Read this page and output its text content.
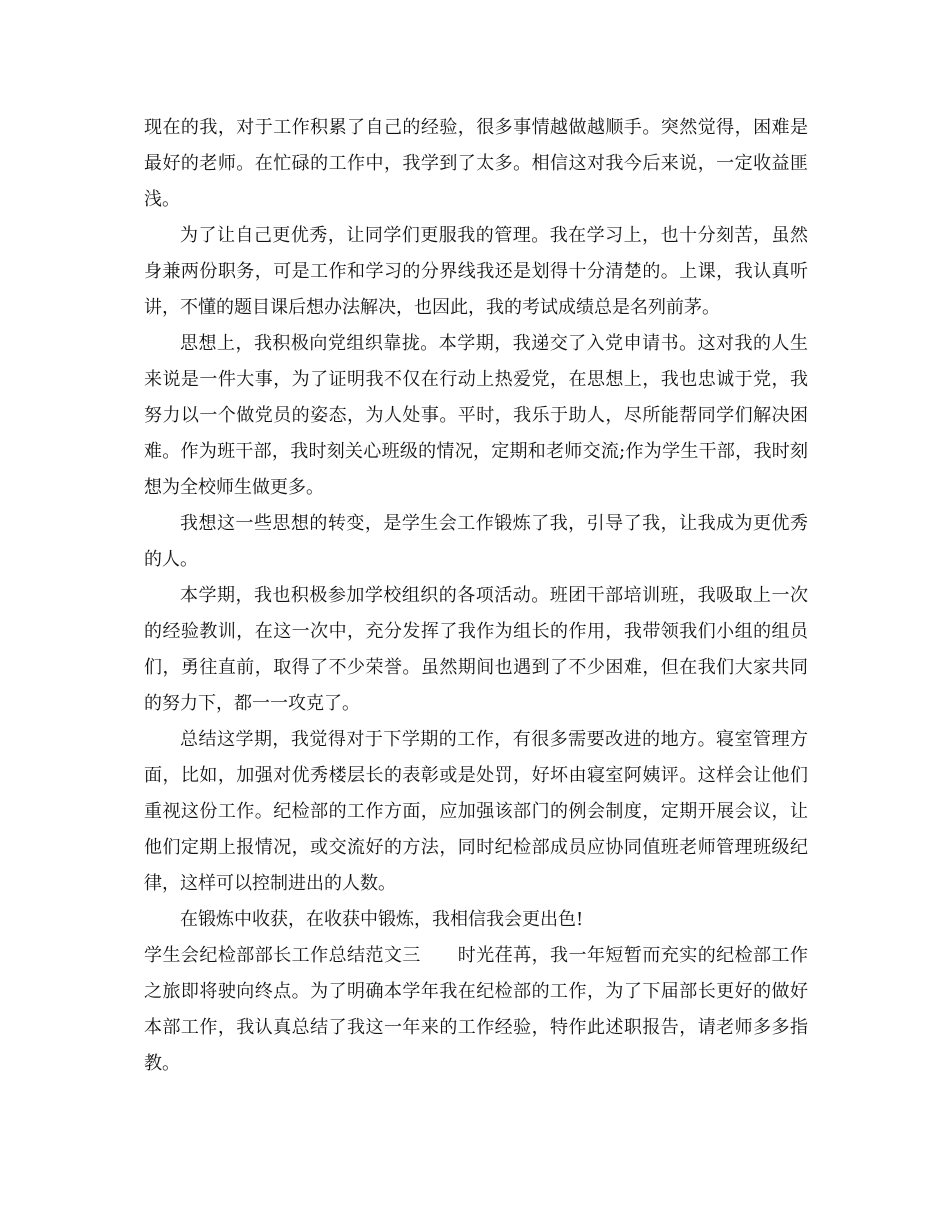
现在的我，对于工作积累了自己的经验，很多事情越做越顺手。突然觉得，困难是最好的老师。在忙碌的工作中，我学到了太多。相信这对我今后来说，一定收益匪浅。

为了让自己更优秀，让同学们更服我的管理。我在学习上，也十分刻苦，虽然身兼两份职务，可是工作和学习的分界线我还是划得十分清楚的。上课，我认真听讲，不懂的题目课后想办法解决，也因此，我的考试成绩总是名列前茅。

思想上，我积极向党组织靠拢。本学期，我递交了入党申请书。这对我的人生来说是一件大事，为了证明我不仅在行动上热爱党，在思想上，我也忠诚于党，我努力以一个做党员的姿态，为人处事。平时，我乐于助人，尽所能帮同学们解决困难。作为班干部，我时刻关心班级的情况，定期和老师交流;作为学生干部，我时刻想为全校师生做更多。

我想这一些思想的转变，是学生会工作锻炼了我，引导了我，让我成为更优秀的人。

本学期，我也积极参加学校组织的各项活动。班团干部培训班，我吸取上一次的经验教训，在这一次中，充分发挥了我作为组长的作用，我带领我们小组的组员们，勇往直前，取得了不少荣誉。虽然期间也遇到了不少困难，但在我们大家共同的努力下，都一一攻克了。

总结这学期，我觉得对于下学期的工作，有很多需要改进的地方。寝室管理方面，比如，加强对优秀楼层长的表彰或是处罚，好坏由寝室阿姨评。这样会让他们重视这份工作。纪检部的工作方面，应加强该部门的例会制度，定期开展会议，让他们定期上报情况，或交流好的方法，同时纪检部成员应协同值班老师管理班级纪律，这样可以控制进出的人数。

在锻炼中收获，在收获中锻炼，我相信我会更出色!

学生会纪检部部长工作总结范文三　　时光荏苒，我一年短暂而充实的纪检部工作之旅即将驶向终点。为了明确本学年我在纪检部的工作，为了下届部长更好的做好本部工作，我认真总结了我这一年来的工作经验，特作此述职报告，请老师多多指教。
